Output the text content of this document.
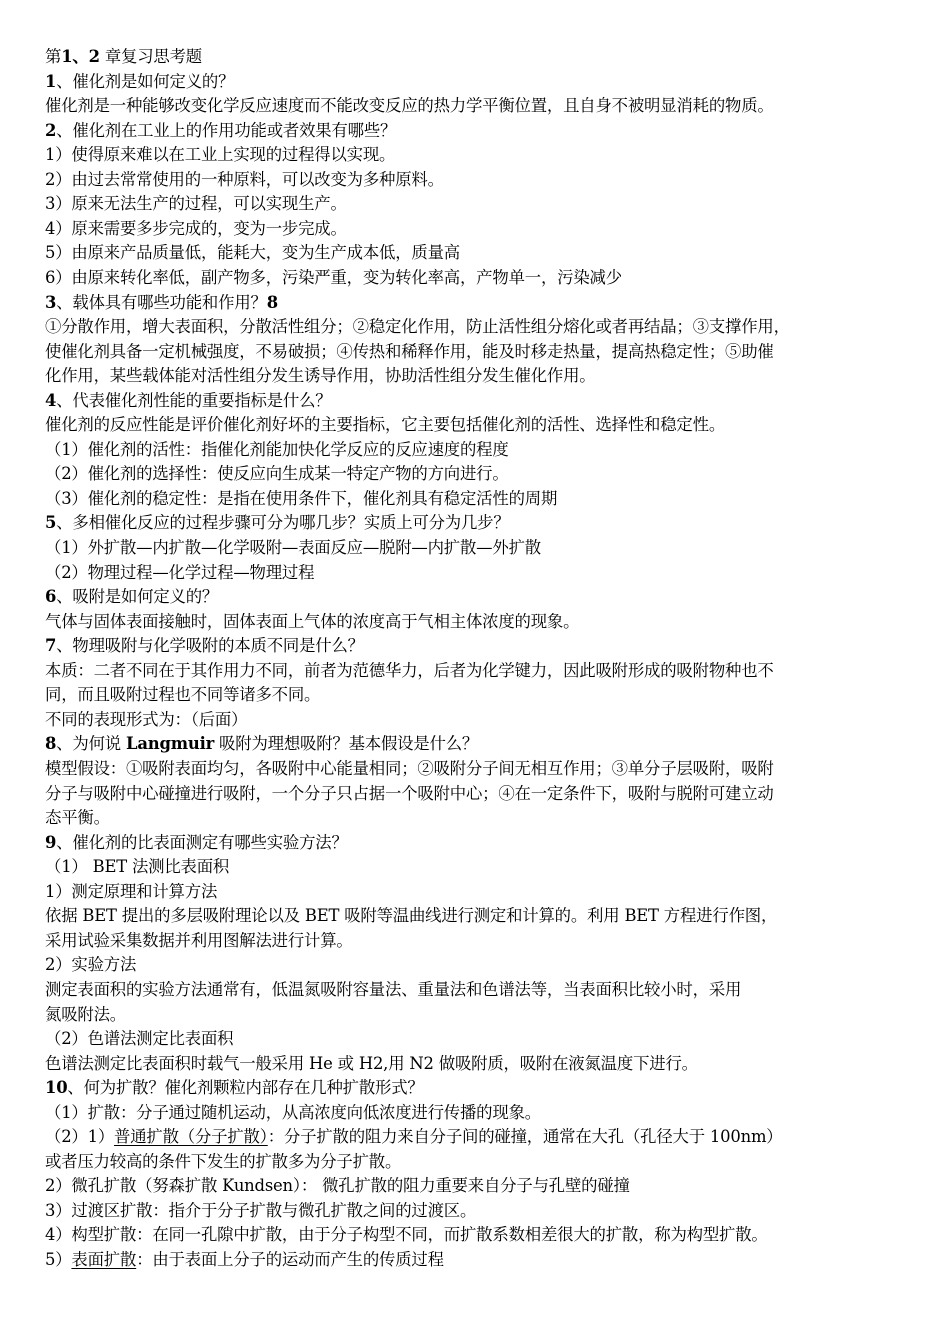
第1、2 章复习思考题
1、催化剂是如何定义的？
催化剂是一种能够改变化学反应速度而不能改变反应的热力学平衡位置，且自身不被明显消耗的物质。
2、催化剂在工业上的作用功能或者效果有哪些？
1）使得原来难以在工业上实现的过程得以实现。
2）由过去常常使用的一种原料，可以改变为多种原料。
3）原来无法生产的过程，可以实现生产。
4）原来需要多步完成的，变为一步完成。
5）由原来产品质量低，能耗大，变为生产成本低，质量高
6）由原来转化率低，副产物多，污染严重，变为转化率高，产物单一，污染减少
3、载体具有哪些功能和作用？8
①分散作用，增大表面积，分散活性组分；②稳定化作用，防止活性组分熔化或者再结晶；③支撑作用，
使催化剂具备一定机械强度，不易破损；④传热和稀释作用，能及时移走热量，提高热稳定性；⑤助催
化作用，某些载体能对活性组分发生诱导作用，协助活性组分发生催化作用。
4、代表催化剂性能的重要指标是什么？
催化剂的反应性能是评价催化剂好坏的主要指标，它主要包括催化剂的活性、选择性和稳定性。
（1）催化剂的活性：指催化剂能加快化学反应的反应速度的程度
（2）催化剂的选择性：使反应向生成某一特定产物的方向进行。
（3）催化剂的稳定性：是指在使用条件下，催化剂具有稳定活性的周期
5、多相催化反应的过程步骤可分为哪几步？实质上可分为几步？
（1）外扩散—内扩散—化学吸附—表面反应—脱附—内扩散—外扩散
（2）物理过程—化学过程—物理过程
6、吸附是如何定义的？
气体与固体表面接触时，固体表面上气体的浓度高于气相主体浓度的现象。
7、物理吸附与化学吸附的本质不同是什么？
本质：二者不同在于其作用力不同，前者为范德华力，后者为化学键力，因此吸附形成的吸附物种也不
同，而且吸附过程也不同等诸多不同。
不同的表现形式为：（后面）
8、为何说 Langmuir 吸附为理想吸附？基本假设是什么？
模型假设：①吸附表面均匀，各吸附中心能量相同；②吸附分子间无相互作用；③单分子层吸附，吸附
分子与吸附中心碰撞进行吸附，一个分子只占据一个吸附中心；④在一定条件下，吸附与脱附可建立动
态平衡。
9、催化剂的比表面测定有哪些实验方法？
（1） BET 法测比表面积
1）测定原理和计算方法
依据 BET 提出的多层吸附理论以及 BET 吸附等温曲线进行测定和计算的。利用 BET 方程进行作图，
采用试验采集数据并利用图解法进行计算。
2）实验方法
测定表面积的实验方法通常有，低温氮吸附容量法、重量法和色谱法等，当表面积比较小时，采用
氮吸附法。
（2）色谱法测定比表面积
色谱法测定比表面积时载气一般采用 He 或 H2,用 N2 做吸附质，吸附在液氮温度下进行。
10、何为扩散？催化剂颗粒内部存在几种扩散形式？
（1）扩散：分子通过随机运动，从高浓度向低浓度进行传播的现象。
（2）1）普通扩散（分子扩散）：分子扩散的阻力来自分子间的碰撞，通常在大孔（孔径大于 100nm）
或者压力较高的条件下发生的扩散多为分子扩散。
2）微孔扩散（努森扩散 Kundsen）： 微孔扩散的阻力重要来自分子与孔壁的碰撞
3）过渡区扩散：指介于分子扩散与微孔扩散之间的过渡区。
4）构型扩散：在同一孔隙中扩散，由于分子构型不同，而扩散系数相差很大的扩散，称为构型扩散。
5）表面扩散：由于表面上分子的运动而产生的传质过程
